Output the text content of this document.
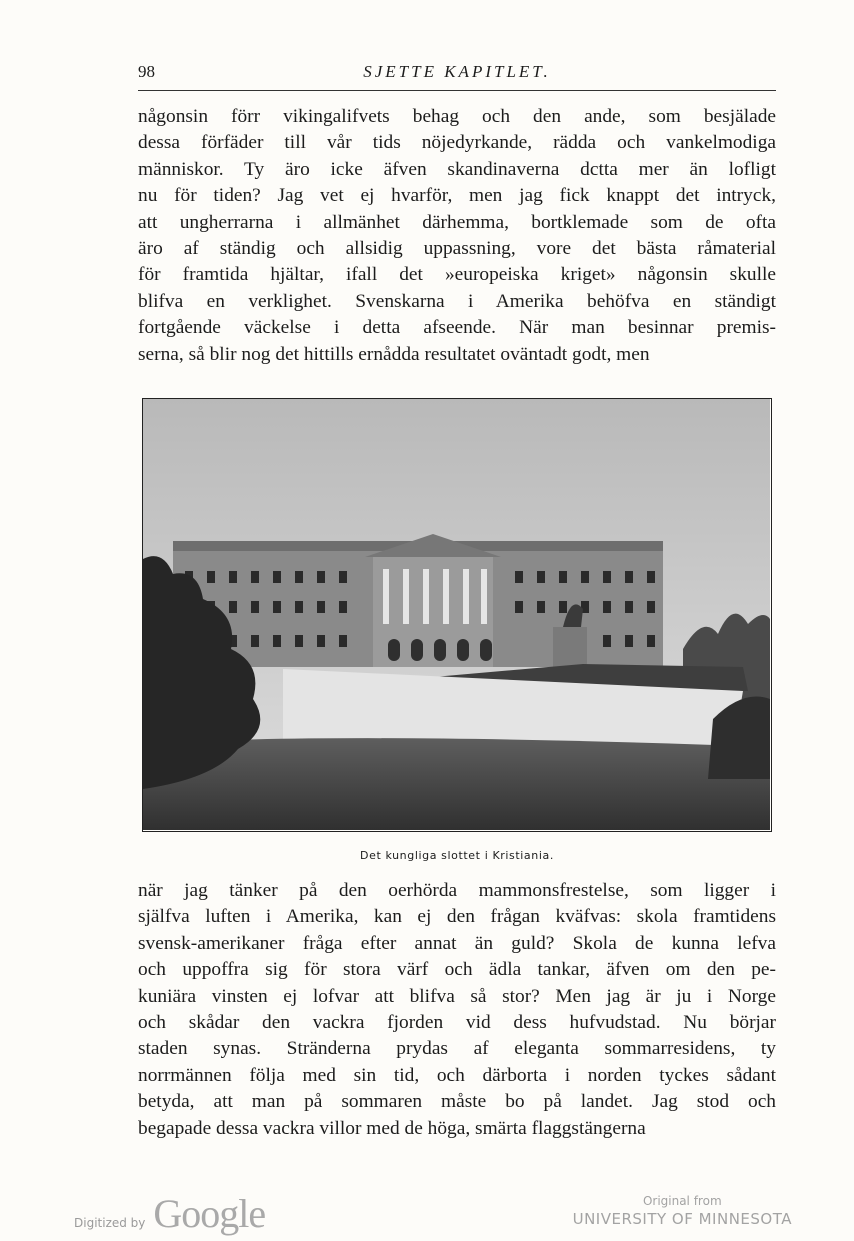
98	SJETTE KAPITLET.
någonsin förr vikingalifvets behag och den ande, som besjälade
dessa förfäder till vår tids nöjedyrkande, rädda och vankelmodiga
människor. Ty äro icke äfven skandinaverna dctta mer än lofligt
nu för tiden? Jag vet ej hvarför, men jag fick knappt det intryck,
att ungherrarna i allmänhet därhemma, bortklemade som de ofta
äro af ständig och allsidig uppassning, vore det bästa råmaterial
för framtida hjältar, ifall det »europeiska kriget» någonsin skulle
blifva en verklighet. Svenskarna i Amerika behöfva en ständigt
fortgående väckelse i detta afseende. När man besinnar premis-
serna, så blir nog det hittills ernådda resultatet oväntadt godt, men
Det kungliga slottet i Kristiania.
när jag tänker på den oerhörda mammonsfrestelse, som ligger i
själfva luften i Amerika, kan ej den frågan kväfvas: skola framtidens
svensk-amerikaner fråga efter annat än guld? Skola de kunna lefva
och uppoffra sig för stora värf och ädla tankar, äfven om den pe-
kuniära vinsten ej lofvar att blifva så stor? Men jag är ju i Norge
och skådar den vackra fjorden vid dess hufvudstad. Nu börjar
staden synas. Stränderna prydas af eleganta sommarresidens, ty
norrmännen följa med sin tid, och därborta i norden tyckes sådant
betyda, att man på sommaren måste bo på landet. Jag stod och
begapade dessa vackra villor med de höga, smärta flaggstängerna
Digitized by Google	Original from
UNIVERSITY OF MINNESOTA
